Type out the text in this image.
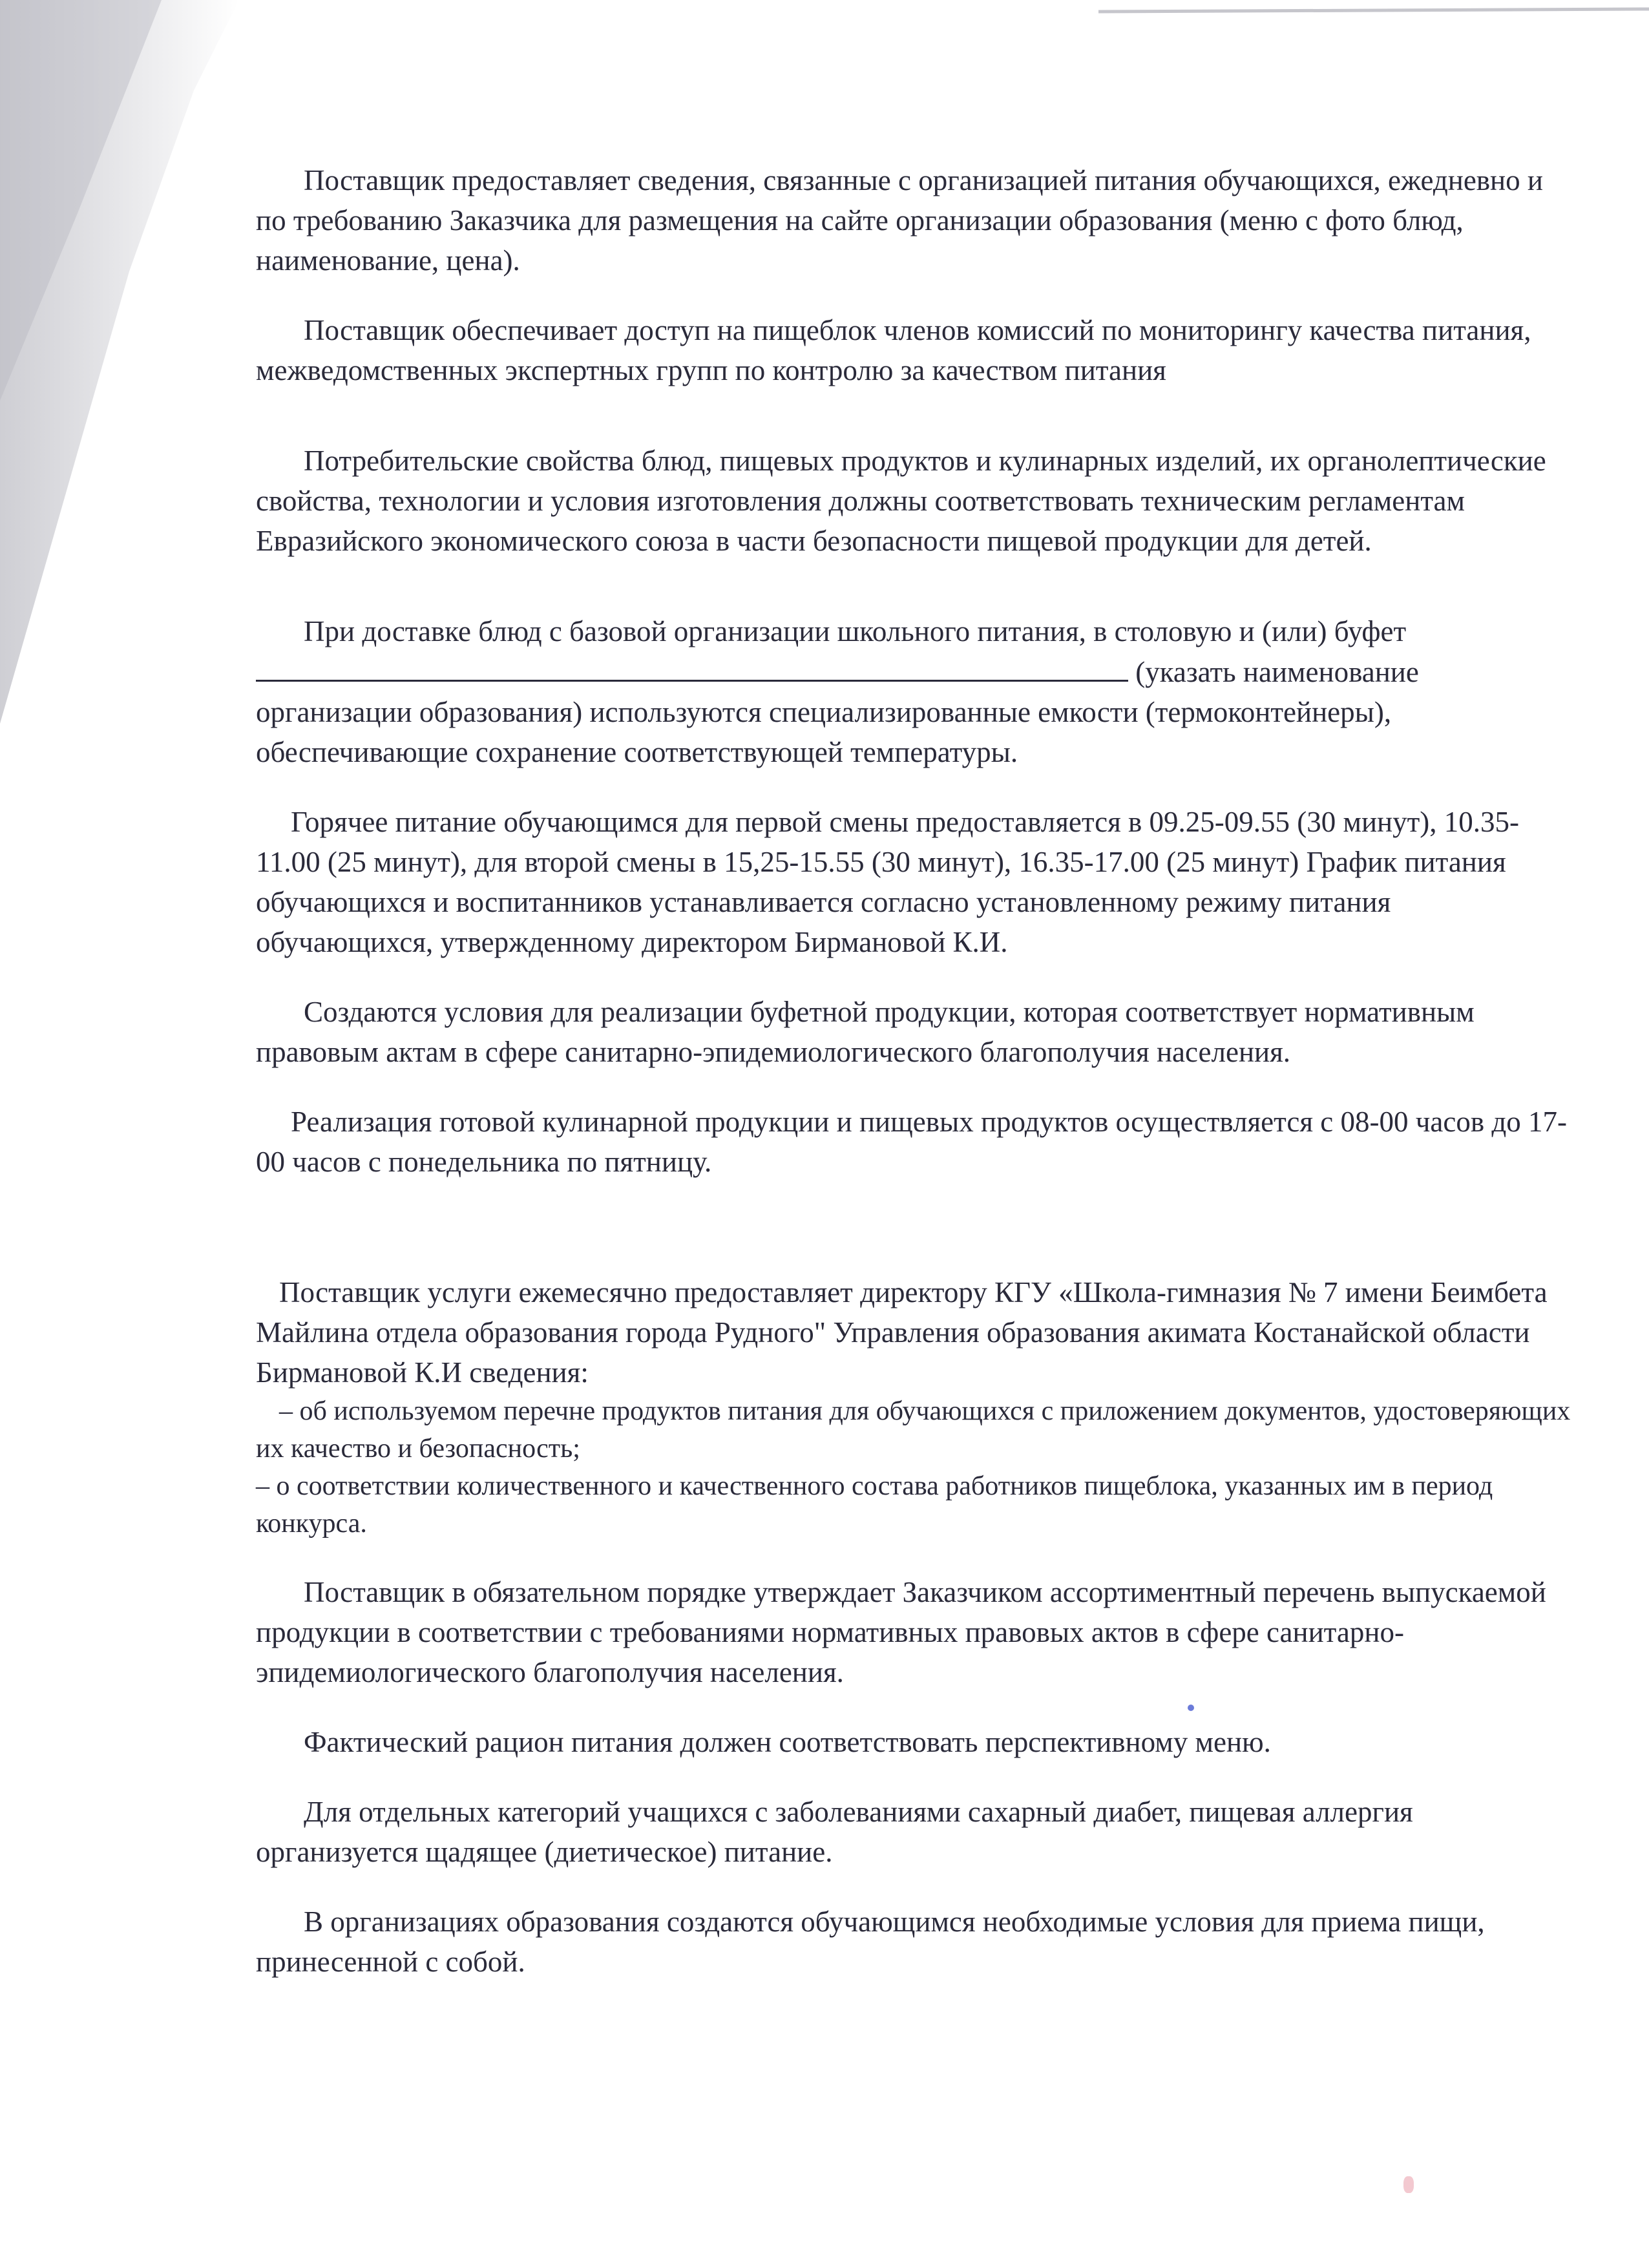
Поставщик предоставляет сведения, связанные с организацией питания обучающихся, ежедневно и по требованию Заказчика для размещения на сайте организации образования (меню с фото блюд, наименование, цена).

Поставщик обеспечивает доступ на пищеблок членов комиссий по мониторингу качества питания, межведомственных экспертных групп по контролю за качеством питания

Потребительские свойства блюд, пищевых продуктов и кулинарных изделий, их органолептические свойства, технологии и условия изготовления должны соответствовать техническим регламентам Евразийского экономического союза в части безопасности пищевой продукции для детей.

При доставке блюд с базовой организации школьного питания, в столовую и (или) буфет

(указать наименование организации образования) используются специализированные емкости (термоконтейнеры), обеспечивающие сохранение соответствующей температуры.

Горячее питание обучающимся для первой смены предоставляется в 09.25-09.55 (30 минут), 10.35-11.00 (25 минут), для второй смены в 15,25-15.55 (30 минут), 16.35-17.00 (25 минут) График питания обучающихся и воспитанников устанавливается согласно установленному режиму питания обучающихся, утвержденному директором Бирмановой К.И.

Создаются условия для реализации буфетной продукции, которая соответствует нормативным правовым актам в сфере санитарно-эпидемиологического благополучия населения.

Реализация готовой кулинарной продукции и пищевых продуктов осуществляется с 08-00 часов до 17-00 часов с понедельника по пятницу.

Поставщик услуги ежемесячно предоставляет директору КГУ «Школа-гимназия № 7 имени Беимбета Майлина отдела образования города Рудного" Управления образования акимата Костанайской области Бирмановой К.И сведения:

– об используемом перечне продуктов питания для обучающихся с приложением документов, удостоверяющих их качество и безопасность;

– о соответствии количественного и качественного состава работников пищеблока, указанных им в период конкурса.

Поставщик в обязательном порядке утверждает Заказчиком ассортиментный перечень выпускаемой продукции в соответствии с требованиями нормативных правовых актов в сфере санитарно-эпидемиологического благополучия населения.

Фактический рацион питания должен соответствовать перспективному меню.

Для отдельных категорий учащихся с заболеваниями сахарный диабет, пищевая аллергия организуется щадящее (диетическое) питание.

В организациях образования создаются обучающимся необходимые условия для приема пищи, принесенной с собой.
